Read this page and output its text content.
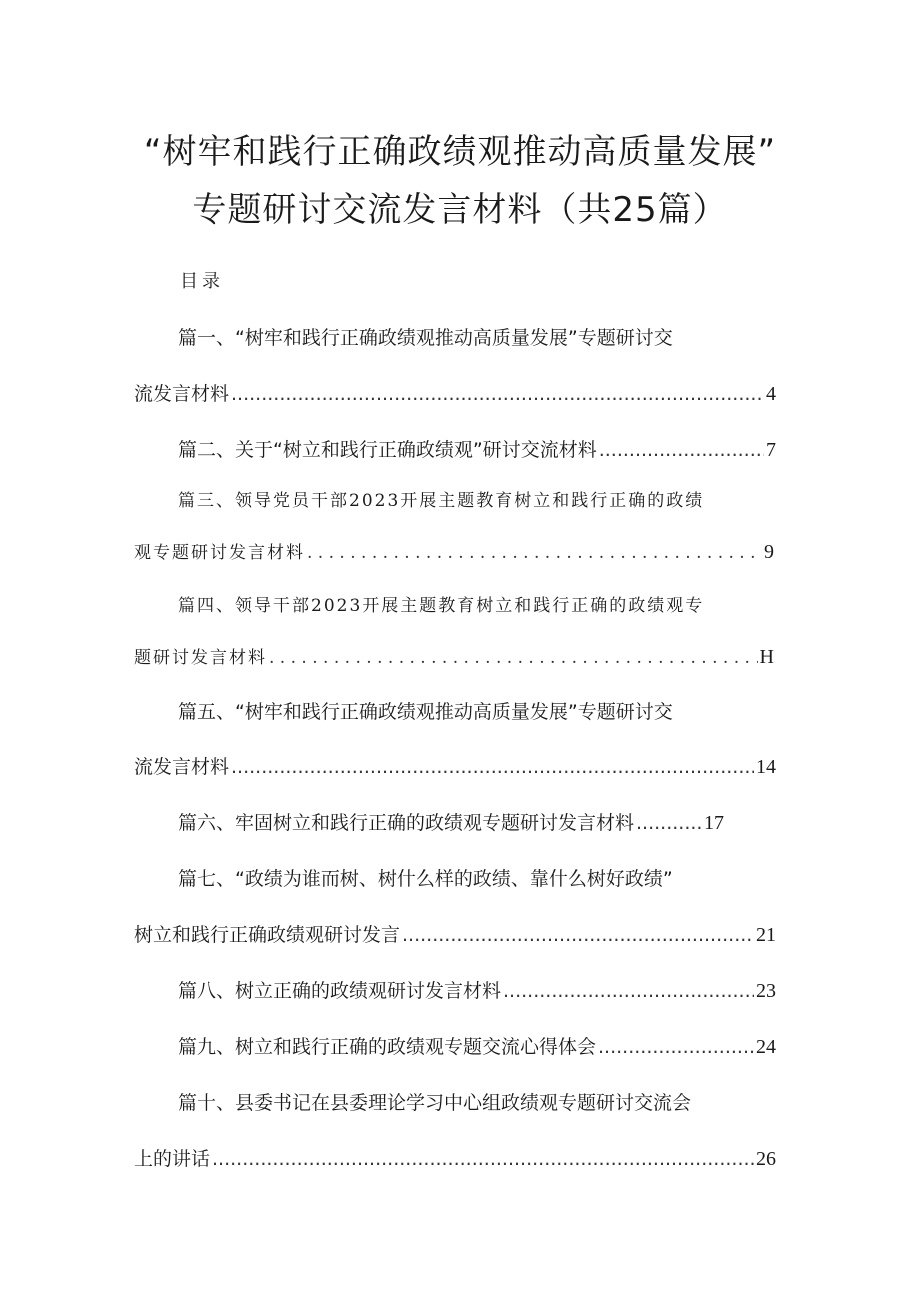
“树牢和践行正确政绩观推动高质量发展”
专题研讨交流发言材料（共25篇）
目录
篇一、“树牢和践行正确政绩观推动高质量发展”专题研讨交
流发言材料 .....	4
篇二、关于“树立和践行正确政绩观”研讨交流材料 .....	7
篇三、领导党员干部2023开展主题教育树立和践行正确的政绩
观专题研讨发言材料 . . .	9
篇四、领导干部2023开展主题教育树立和践行正确的政绩观专
题研讨发言材料 . . .	H
篇五、“树牢和践行正确政绩观推动高质量发展”专题研讨交
流发言材料 .....	14
篇六、牢固树立和践行正确的政绩观专题研讨发言材料 .....	17
篇七、“政绩为谁而树、树什么样的政绩、靠什么树好政绩”
树立和践行正确政绩观研讨发言 .....	21
篇八、树立正确的政绩观研讨发言材料 .....	23
篇九、树立和践行正确的政绩观专题交流心得体会 .....	24
篇十、县委书记在县委理论学习中心组政绩观专题研讨交流会
上的讲话 .....	26
